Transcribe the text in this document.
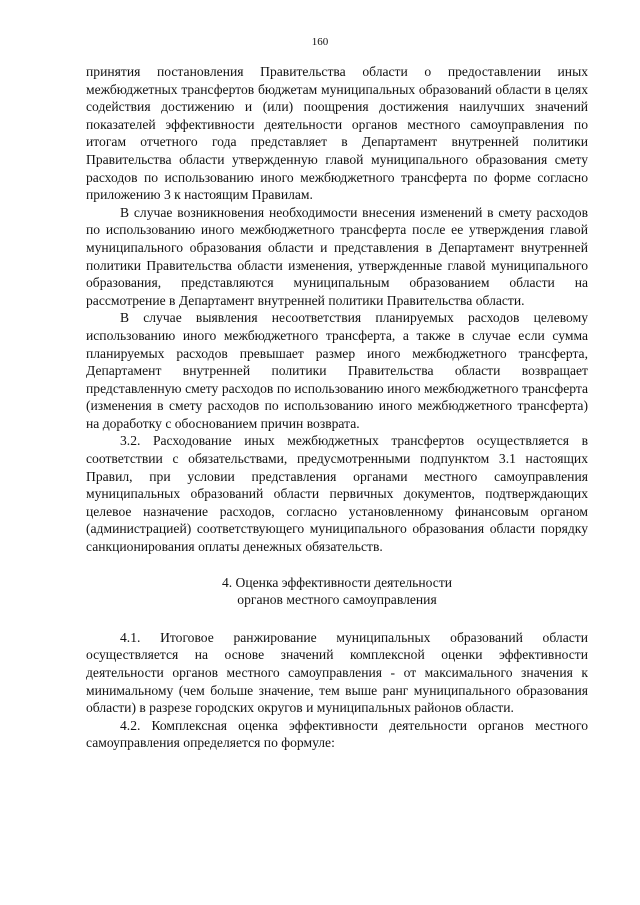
160

принятия постановления Правительства области о предоставлении иных межбюджетных трансфертов бюджетам муниципальных образований области в целях содействия достижению и (или) поощрения достижения наилучших значений показателей эффективности деятельности органов местного самоуправления по итогам отчетного года представляет в Департамент внутренней политики Правительства области утвержденную главой муниципального образования смету расходов по использованию иного межбюджетного трансферта по форме согласно приложению 3 к настоящим Правилам.

В случае возникновения необходимости внесения изменений в смету расходов по использованию иного межбюджетного трансферта после ее утверждения главой муниципального образования области и представления в Департамент внутренней политики Правительства области изменения, утвержденные главой муниципального образования, представляются муниципальным образованием области на рассмотрение в Департамент внутренней политики Правительства области.

В случае выявления несоответствия планируемых расходов целевому использованию иного межбюджетного трансферта, а также в случае если сумма планируемых расходов превышает размер иного межбюджетного трансферта, Департамент внутренней политики Правительства области возвращает представленную смету расходов по использованию иного межбюджетного трансферта (изменения в смету расходов по использованию иного межбюджетного трансферта) на доработку с обоснованием причин возврата.

3.2. Расходование иных межбюджетных трансфертов осуществляется в соответствии с обязательствами, предусмотренными подпунктом 3.1 настоящих Правил, при условии представления органами местного самоуправления муниципальных образований области первичных документов, подтверждающих целевое назначение расходов, согласно установленному финансовым органом (администрацией) соответствующего муниципального образования области порядку санкционирования оплаты денежных обязательств.

4. Оценка эффективности деятельности
органов местного самоуправления

4.1. Итоговое ранжирование муниципальных образований области осуществляется на основе значений комплексной оценки эффективности деятельности органов местного самоуправления - от максимального значения к минимальному (чем больше значение, тем выше ранг муниципального образования области) в разрезе городских округов и муниципальных районов области.

4.2. Комплексная оценка эффективности деятельности органов местного самоуправления определяется по формуле:
